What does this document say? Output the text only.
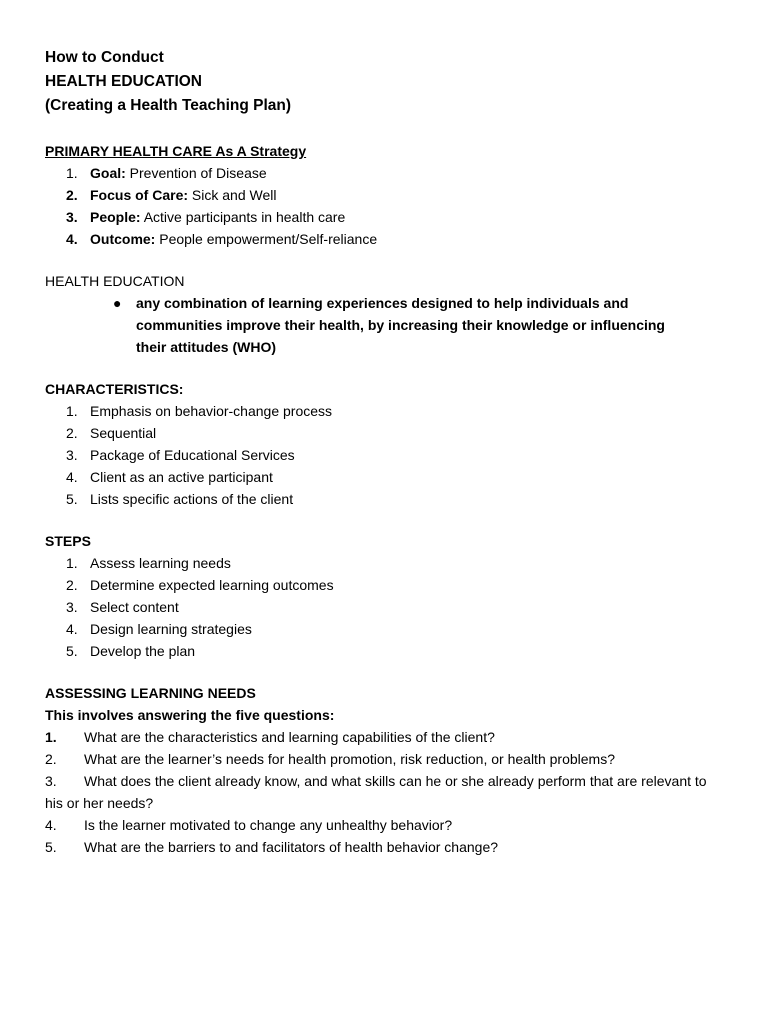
How to Conduct
HEALTH EDUCATION
(Creating a Health Teaching Plan)
PRIMARY HEALTH CARE As A Strategy
1. Goal: Prevention of Disease
2. Focus of Care: Sick and Well
3. People: Active participants in health care
4. Outcome: People empowerment/Self-reliance
HEALTH EDUCATION
● any combination of learning experiences designed to help individuals and communities improve their health, by increasing their knowledge or influencing their attitudes (WHO)
CHARACTERISTICS:
1. Emphasis on behavior-change process
2. Sequential
3. Package of Educational Services
4. Client as an active participant
5. Lists specific actions of the client
STEPS
1. Assess learning needs
2. Determine expected learning outcomes
3. Select content
4. Design learning strategies
5. Develop the plan
ASSESSING LEARNING NEEDS
This involves answering the five questions:
1. What are the characteristics and learning capabilities of the client?
2. What are the learner’s needs for health promotion, risk reduction, or health problems?
3. What does the client already know, and what skills can he or she already perform that are relevant to his or her needs?
4. Is the learner motivated to change any unhealthy behavior?
5. What are the barriers to and facilitators of health behavior change?
